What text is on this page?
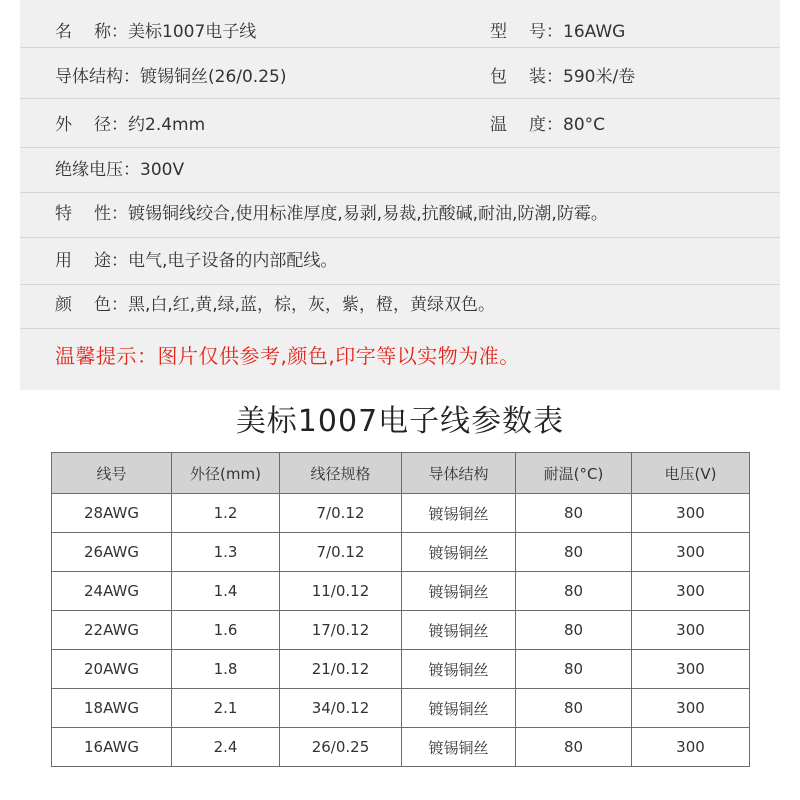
名 称：美标1007电子线	型 号：16AWG
导体结构：镀锡铜丝(26/0.25)	包 装：590米/卷
外 径：约2.4mm	温 度：80°C
绝缘电压：300V
特 性：镀锡铜线绞合,使用标准厚度,易剥,易裁,抗酸碱,耐油,防潮,防霉。
用 途：电气,电子设备的内部配线。
颜 色：黑,白,红,黄,绿,蓝，棕，灰，紫，橙，黄绿双色。
温馨提示：图片仅供参考,颜色,印字等以实物为准。
美标1007电子线参数表
线号	外径(mm)	线径规格	导体结构	耐温(°C)	电压(V)
28AWG	1.2	7/0.12	镀锡铜丝	80	300
26AWG	1.3	7/0.12	镀锡铜丝	80	300
24AWG	1.4	11/0.12	镀锡铜丝	80	300
22AWG	1.6	17/0.12	镀锡铜丝	80	300
20AWG	1.8	21/0.12	镀锡铜丝	80	300
18AWG	2.1	34/0.12	镀锡铜丝	80	300
16AWG	2.4	26/0.25	镀锡铜丝	80	300
